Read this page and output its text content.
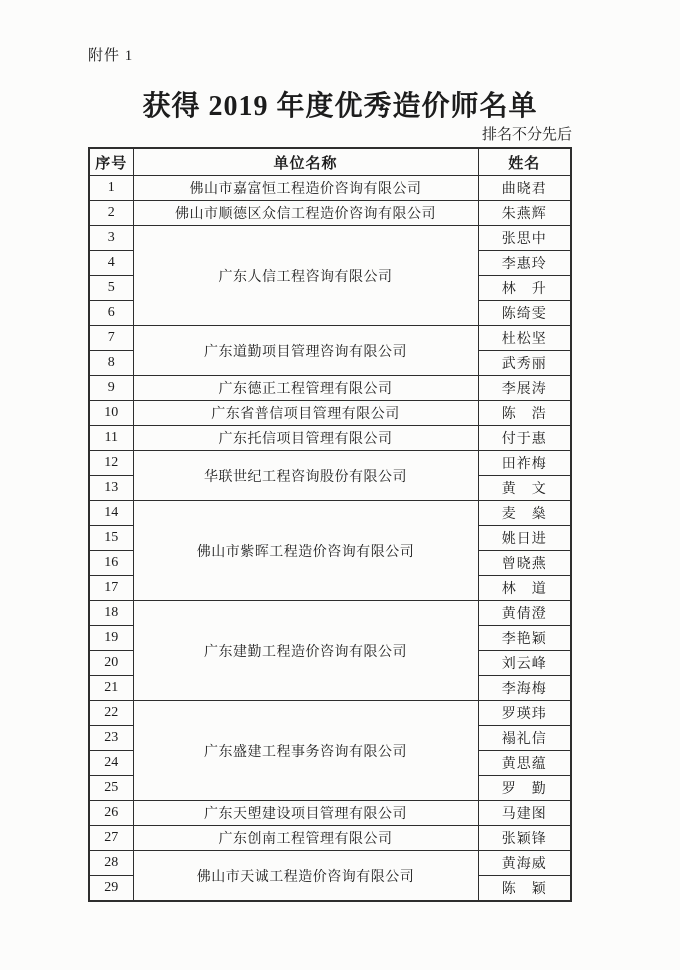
附件 1
获得 2019 年度优秀造价师名单
排名不分先后
序号	单位名称	姓名
1	佛山市嘉富恒工程造价咨询有限公司	曲晓君
2	佛山市顺德区众信工程造价咨询有限公司	朱燕辉
3	广东人信工程咨询有限公司	张思中
4		李惠玲
5		林　升
6		陈绮雯
7	广东道勤项目管理咨询有限公司	杜松坚
8		武秀丽
9	广东德正工程管理有限公司	李展涛
10	广东省普信项目管理有限公司	陈　浩
11	广东托信项目管理有限公司	付于惠
12	华联世纪工程咨询股份有限公司	田祚梅
13		黄　文
14	佛山市紫晖工程造价咨询有限公司	麦　燊
15		姚日进
16		曾晓燕
17		林　道
18	广东建勤工程造价咨询有限公司	黄倩澄
19		李艳颖
20		刘云峰
21		李海梅
22	广东盛建工程事务咨询有限公司	罗瑛玮
23		褟礼信
24		黄思蕴
25		罗　勤
26	广东天塱建设项目管理有限公司	马建图
27	广东创南工程管理有限公司	张颖锋
28	佛山市天诚工程造价咨询有限公司	黄海威
29		陈　颖
